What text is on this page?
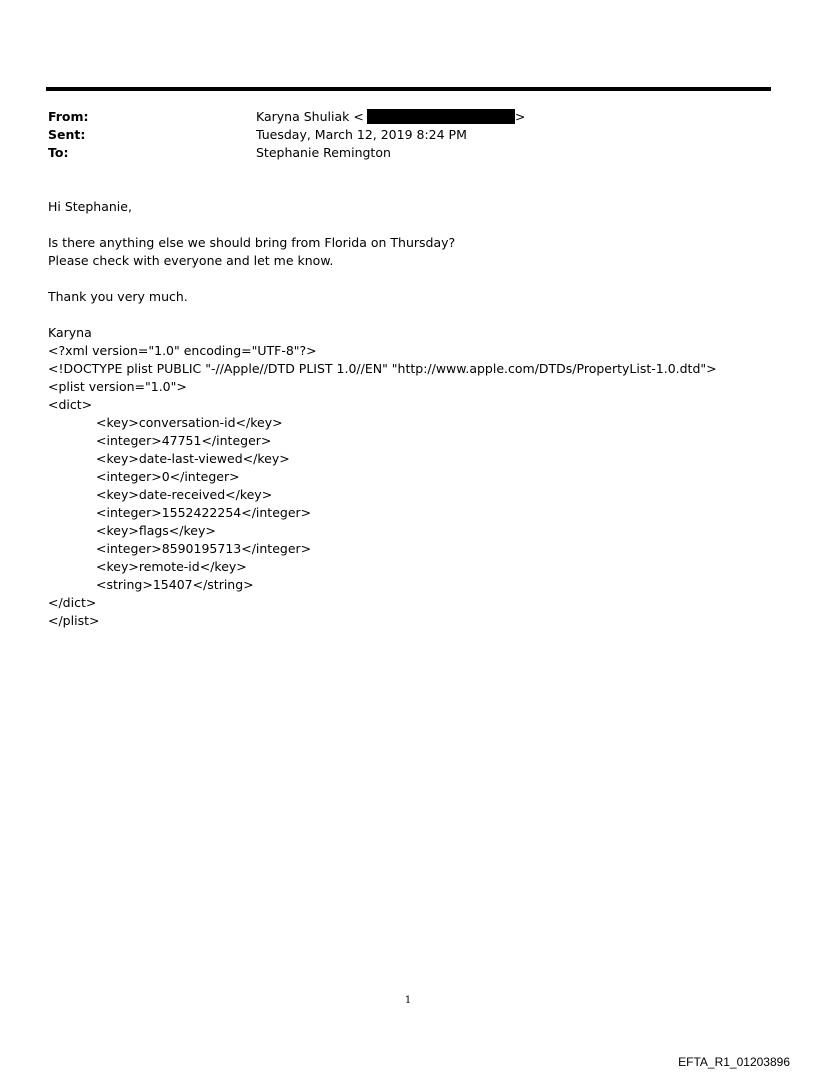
From:	Karyna Shuliak <	>
Sent:	Tuesday, March 12, 2019 8:24 PM
To:	Stephanie Remington
Hi Stephanie,
Is there anything else we should bring from Florida on Thursday?
Please check with everyone and let me know.
Thank you very much.
Karyna
<?xml version="1.0" encoding="UTF-8"?>
<!DOCTYPE plist PUBLIC "-//Apple//DTD PLIST 1.0//EN" "http://www.apple.com/DTDs/PropertyList-1.0.dtd">
<plist version="1.0">
<dict>
<key>conversation-id</key>
<integer>47751</integer>
<key>date-last-viewed</key>
<integer>0</integer>
<key>date-received</key>
<integer>1552422254</integer>
<key>flags</key>
<integer>8590195713</integer>
<key>remote-id</key>
<string>15407</string>
</dict>
</plist>
1
EFTA_R1_01203896
